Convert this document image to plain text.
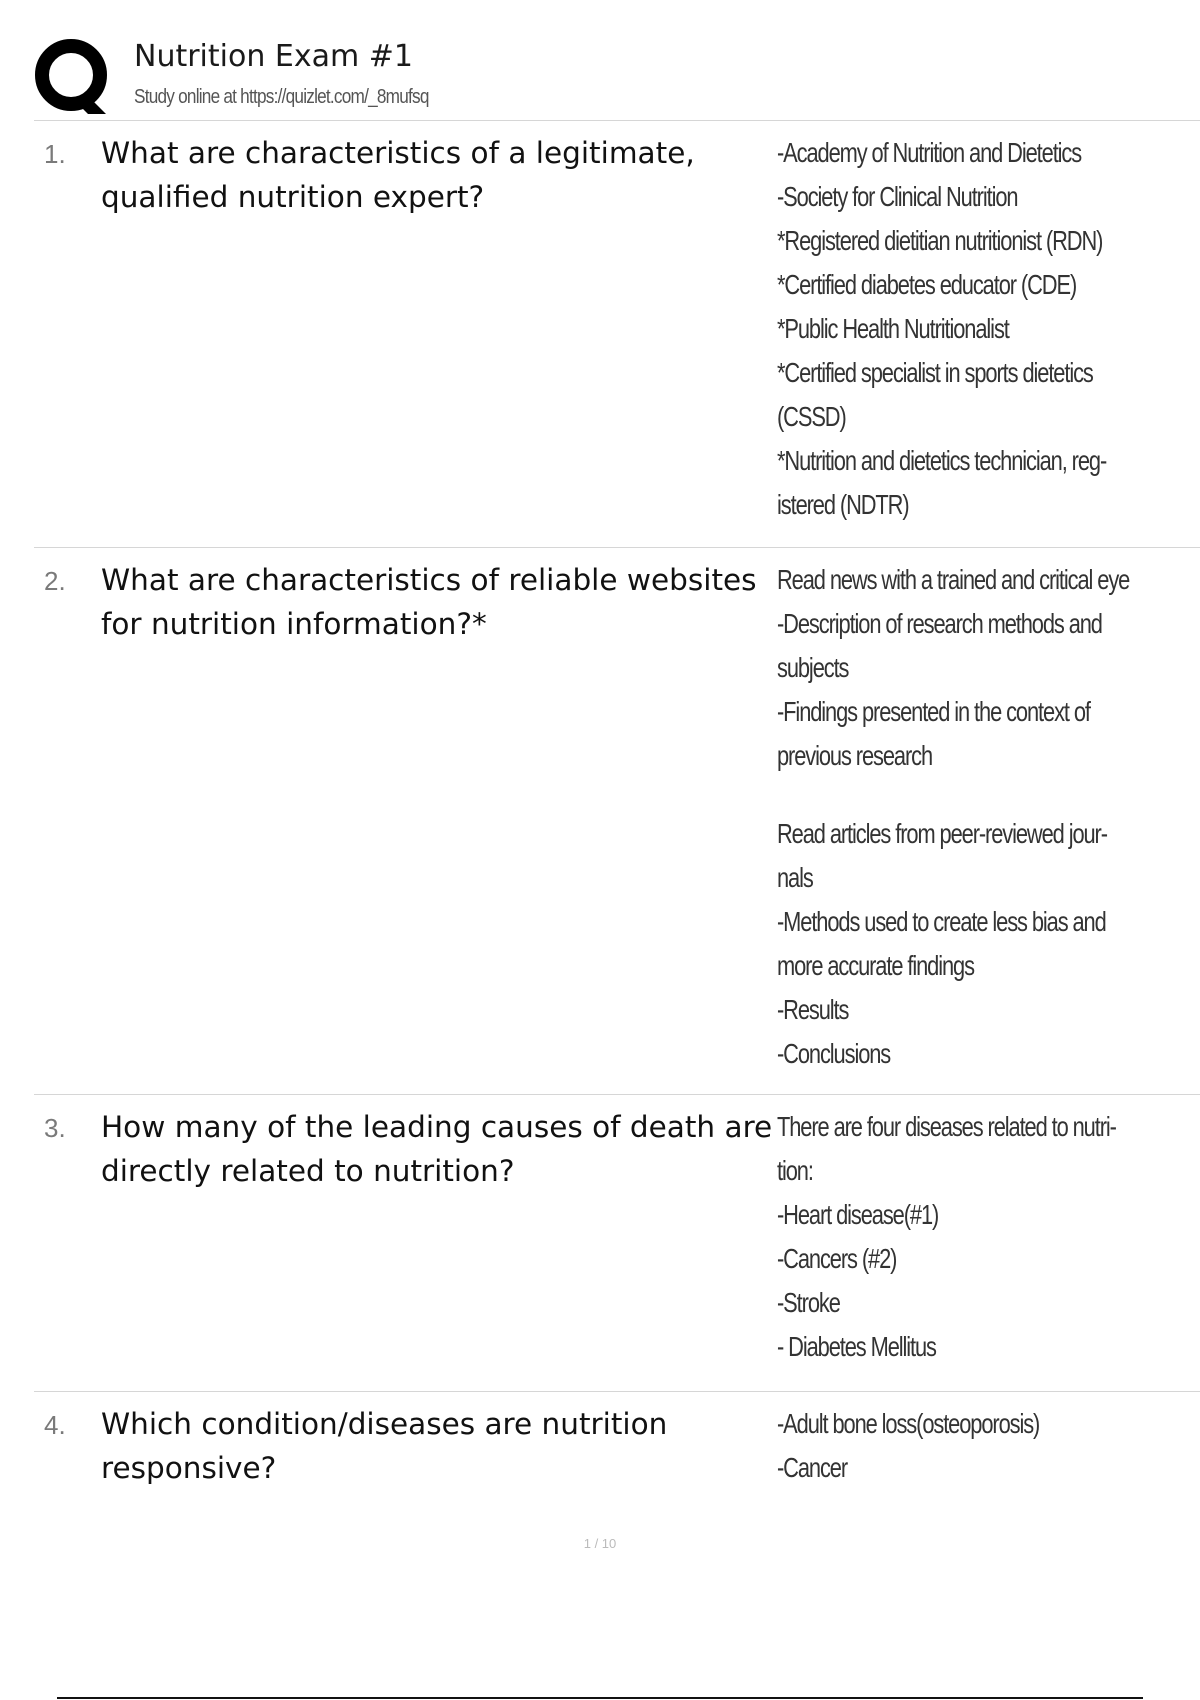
Nutrition Exam #1
Study online at https://quizlet.com/_8mufsq
1. What are characteristics of a legitimate, qualified nutrition expert?

-Academy of Nutrition and Dietetics
-Society for Clinical Nutrition
*Registered dietitian nutritionist (RDN)
*Certified diabetes educator (CDE)
*Public Health Nutritionalist
*Certified specialist in sports dietetics
(CSSD)
*Nutrition and dietetics technician, reg-
istered (NDTR)
2. What are characteristics of reliable websites for nutrition information?*

Read news with a trained and critical eye
-Description of research methods and
subjects
-Findings presented in the context of
previous research
Read articles from peer-reviewed jour-
nals
-Methods used to create less bias and
more accurate findings
-Results
-Conclusions
3. How many of the leading causes of death are directly related to nutrition?

There are four diseases related to nutri-
tion:
-Heart disease(#1)
-Cancers (#2)
-Stroke
- Diabetes Mellitus
4. Which condition/diseases are nutrition responsive?

-Adult bone loss(osteoporosis)
-Cancer
1 / 10
